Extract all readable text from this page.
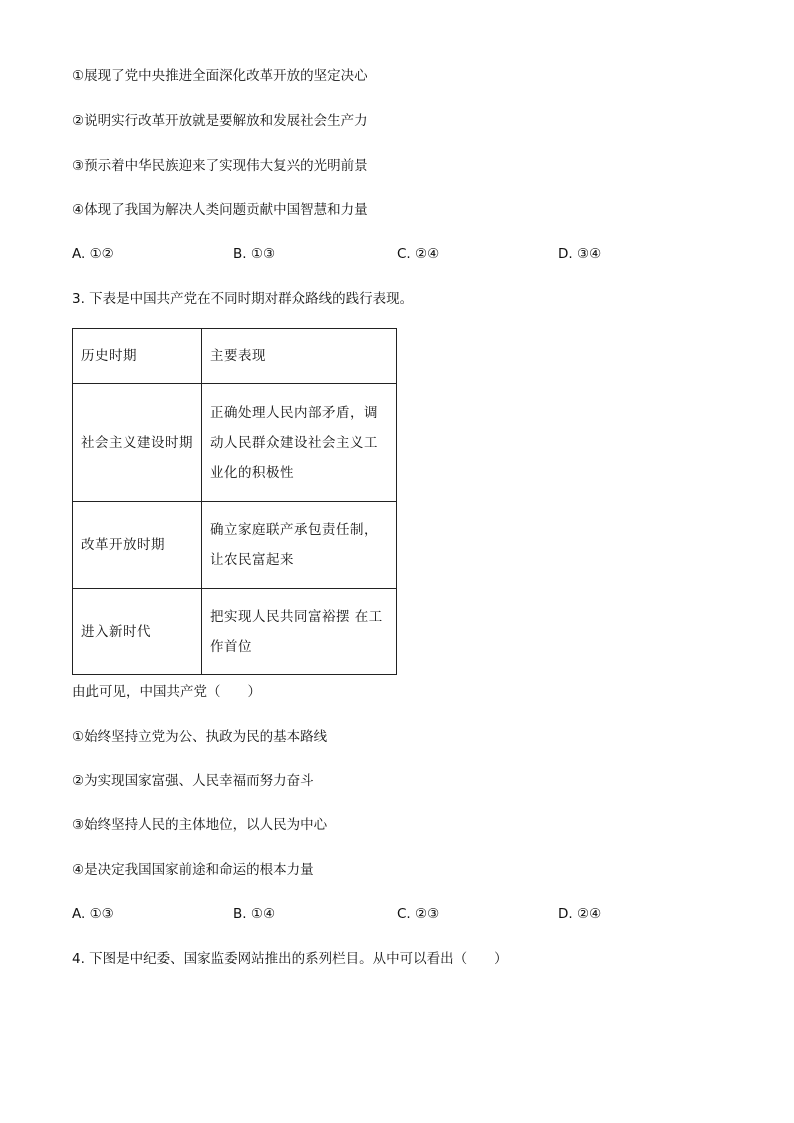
①展现了党中央推进全面深化改革开放的坚定决心
②说明实行改革开放就是要解放和发展社会生产力
③预示着中华民族迎来了实现伟大复兴的光明前景
④体现了我国为解决人类问题贡献中国智慧和力量
A. ①②	B. ①③	C. ②④	D. ③④
3. 下表是中国共产党在不同时期对群众路线的践行表现。
历史时期	主要表现

社会主义建设时期	正确处理人民内部矛盾，调动人民群众建设社会主义工业化的积极性

改革开放时期	确立家庭联产承包责任制，让农民富起来

进入新时代	把实现人民共同富裕摆 在工作首位
由此可见，中国共产党（　　）
①始终坚持立党为公、执政为民的基本路线
②为实现国家富强、人民幸福而努力奋斗
③始终坚持人民的主体地位，以人民为中心
④是决定我国国家前途和命运的根本力量
A. ①③	B. ①④	C. ②③	D. ②④
4. 下图是中纪委、国家监委网站推出的系列栏目。从中可以看出（　　）
